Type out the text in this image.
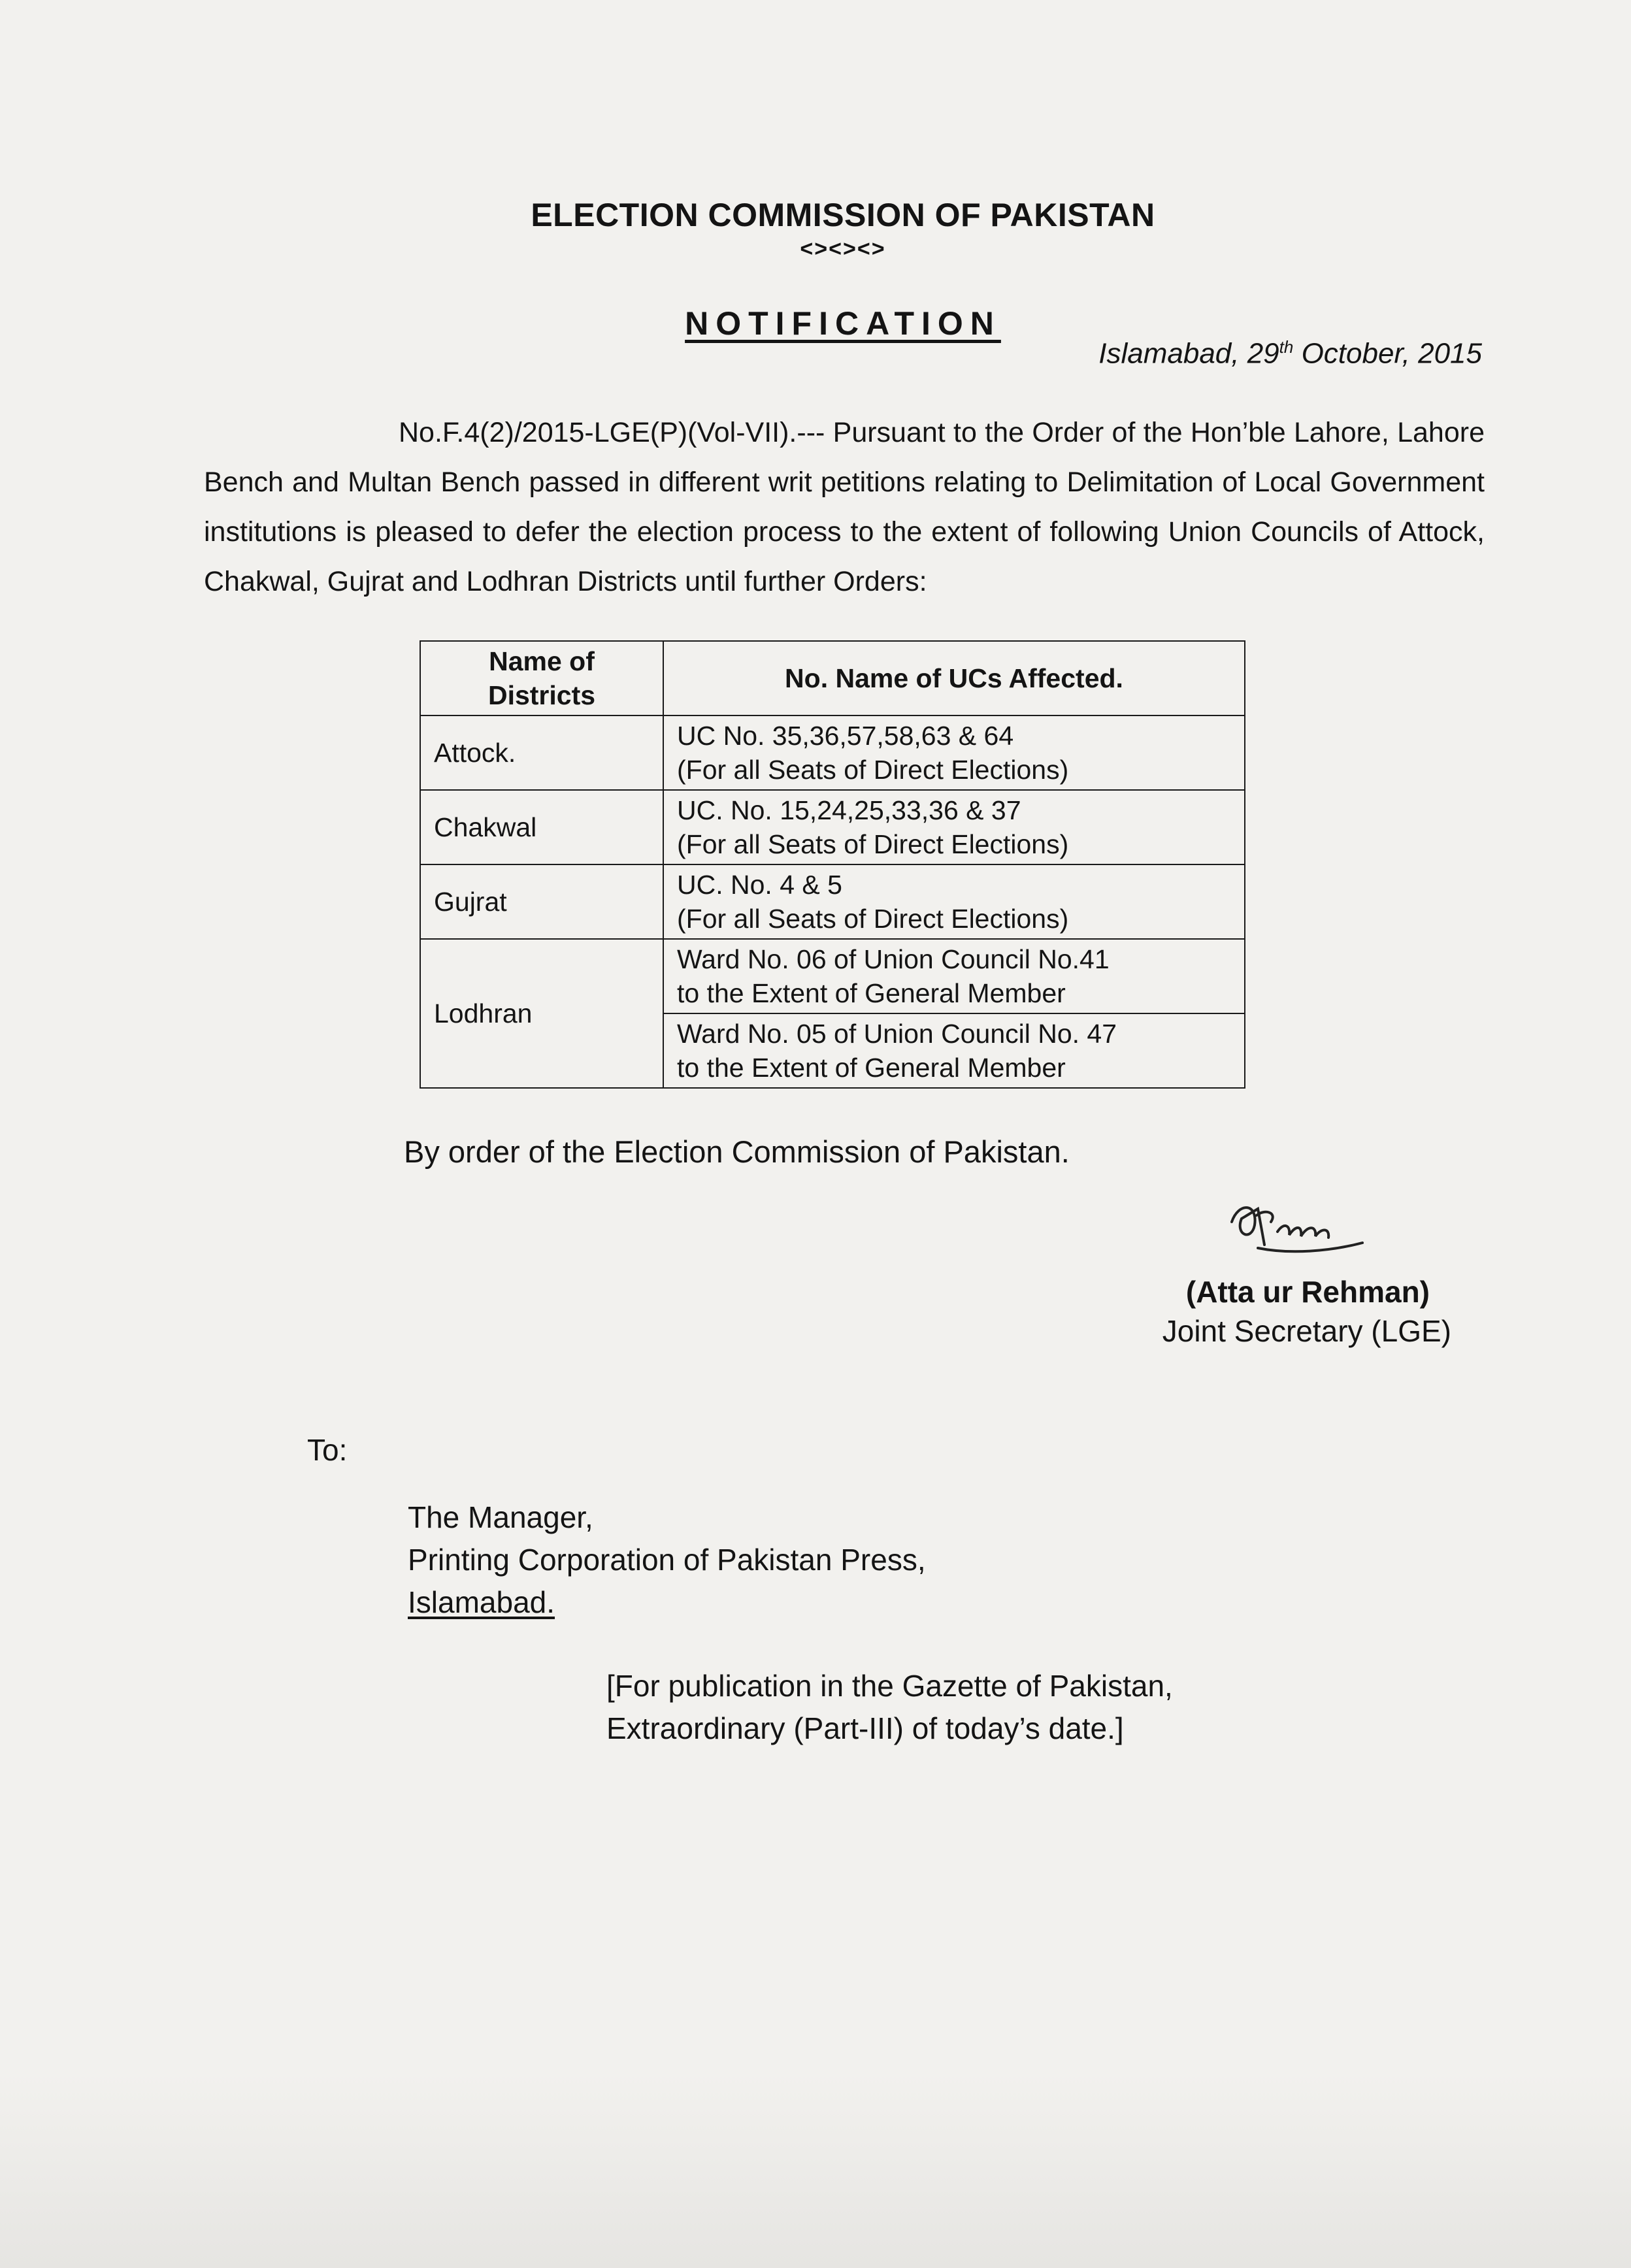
ELECTION COMMISSION OF PAKISTAN
<><><>
NOTIFICATION
Islamabad, 29th October, 2015
No.F.4(2)/2015-LGE(P)(Vol-VII).--- Pursuant to the Order of the Hon’ble Lahore, Lahore Bench and Multan Bench passed in different writ petitions relating to Delimitation of Local Government institutions is pleased to defer the election process to the extent of following Union Councils of Attock, Chakwal, Gujrat and Lodhran Districts until further Orders:
Name of Districts	No. Name of UCs Affected.
Attock.	UC No. 35,36,57,58,63 & 64
(For all Seats of Direct Elections)

Chakwal	UC. No. 15,24,25,33,36 & 37
(For all Seats of Direct Elections)

Gujrat	UC. No. 4 & 5
(For all Seats of Direct Elections)

Lodhran	Ward No. 06 of Union Council No.41
to the Extent of General Member

	Ward No. 05 of Union Council No. 47
to the Extent of General Member
By order of the Election Commission of Pakistan.
(Atta ur Rehman)
Joint Secretary (LGE)
To:
The Manager,
Printing Corporation of Pakistan Press,
Islamabad.
[For publication in the Gazette of Pakistan,
Extraordinary (Part-III) of today’s date.]
